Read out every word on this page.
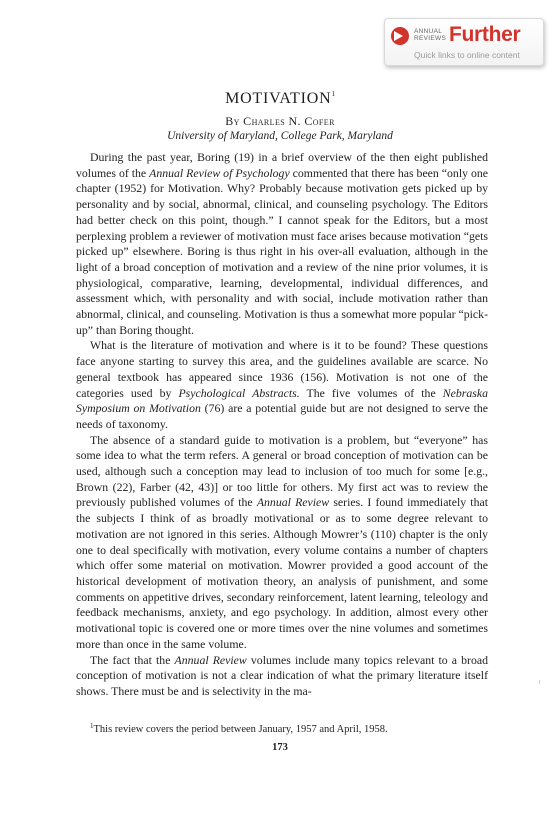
ANNUAL
REVIEWS Further
Quick links to online content
MOTIVATION$^1$
By Charles N. Cofer
University of Maryland, College Park, Maryland

During the past year, Boring (19) in a brief overview of the then eight published volumes of the Annual Review of Psychology commented that there has been “only one chapter (1952) for Motivation. Why? Probably because motivation gets picked up by personality and by social, abnormal, clinical, and counseling psychology. The Editors had better check on this point, though.” I cannot speak for the Editors, but a most perplexing problem a reviewer of motivation must face arises because motivation “gets picked up” elsewhere. Boring is thus right in his over-all evaluation, although in the light of a broad conception of motivation and a review of the nine prior volumes, it is physiological, comparative, learning, developmental, individual differences, and assessment which, with personality and with social, include motivation rather than abnormal, clinical, and counseling. Motivation is thus a somewhat more popular “pick-up” than Boring thought.

What is the literature of motivation and where is it to be found? These questions face anyone starting to survey this area, and the guidelines available are scarce. No general textbook has appeared since 1936 (156). Motivation is not one of the categories used by Psychological Abstracts. The five volumes of the Nebraska Symposium on Motivation (76) are a potential guide but are not designed to serve the needs of taxonomy.

The absence of a standard guide to motivation is a problem, but “everyone” has some idea to what the term refers. A general or broad conception of motivation can be used, although such a conception may lead to inclusion of too much for some [e.g., Brown (22), Farber (42, 43)] or too little for others. My first act was to review the previously published volumes of the Annual Review series. I found immediately that the subjects I think of as broadly motivational or as to some degree relevant to motivation are not ignored in this series. Although Mowrer’s (110) chapter is the only one to deal specifically with motivation, every volume contains a number of chapters which offer some material on motivation. Mowrer provided a good account of the historical development of motivation theory, an analysis of punishment, and some comments on appetitive drives, secondary reinforcement, latent learning, teleology and feedback mechanisms, anxiety, and ego psychology. In addition, almost every other motivational topic is covered one or more times over the nine volumes and sometimes more than once in the same volume.

The fact that the Annual Review volumes include many topics relevant to a broad conception of motivation is not a clear indication of what the primary literature itself shows. There must be and is selectivity in the ma-

$^1$This review covers the period between January, 1957 and April, 1958.
173
